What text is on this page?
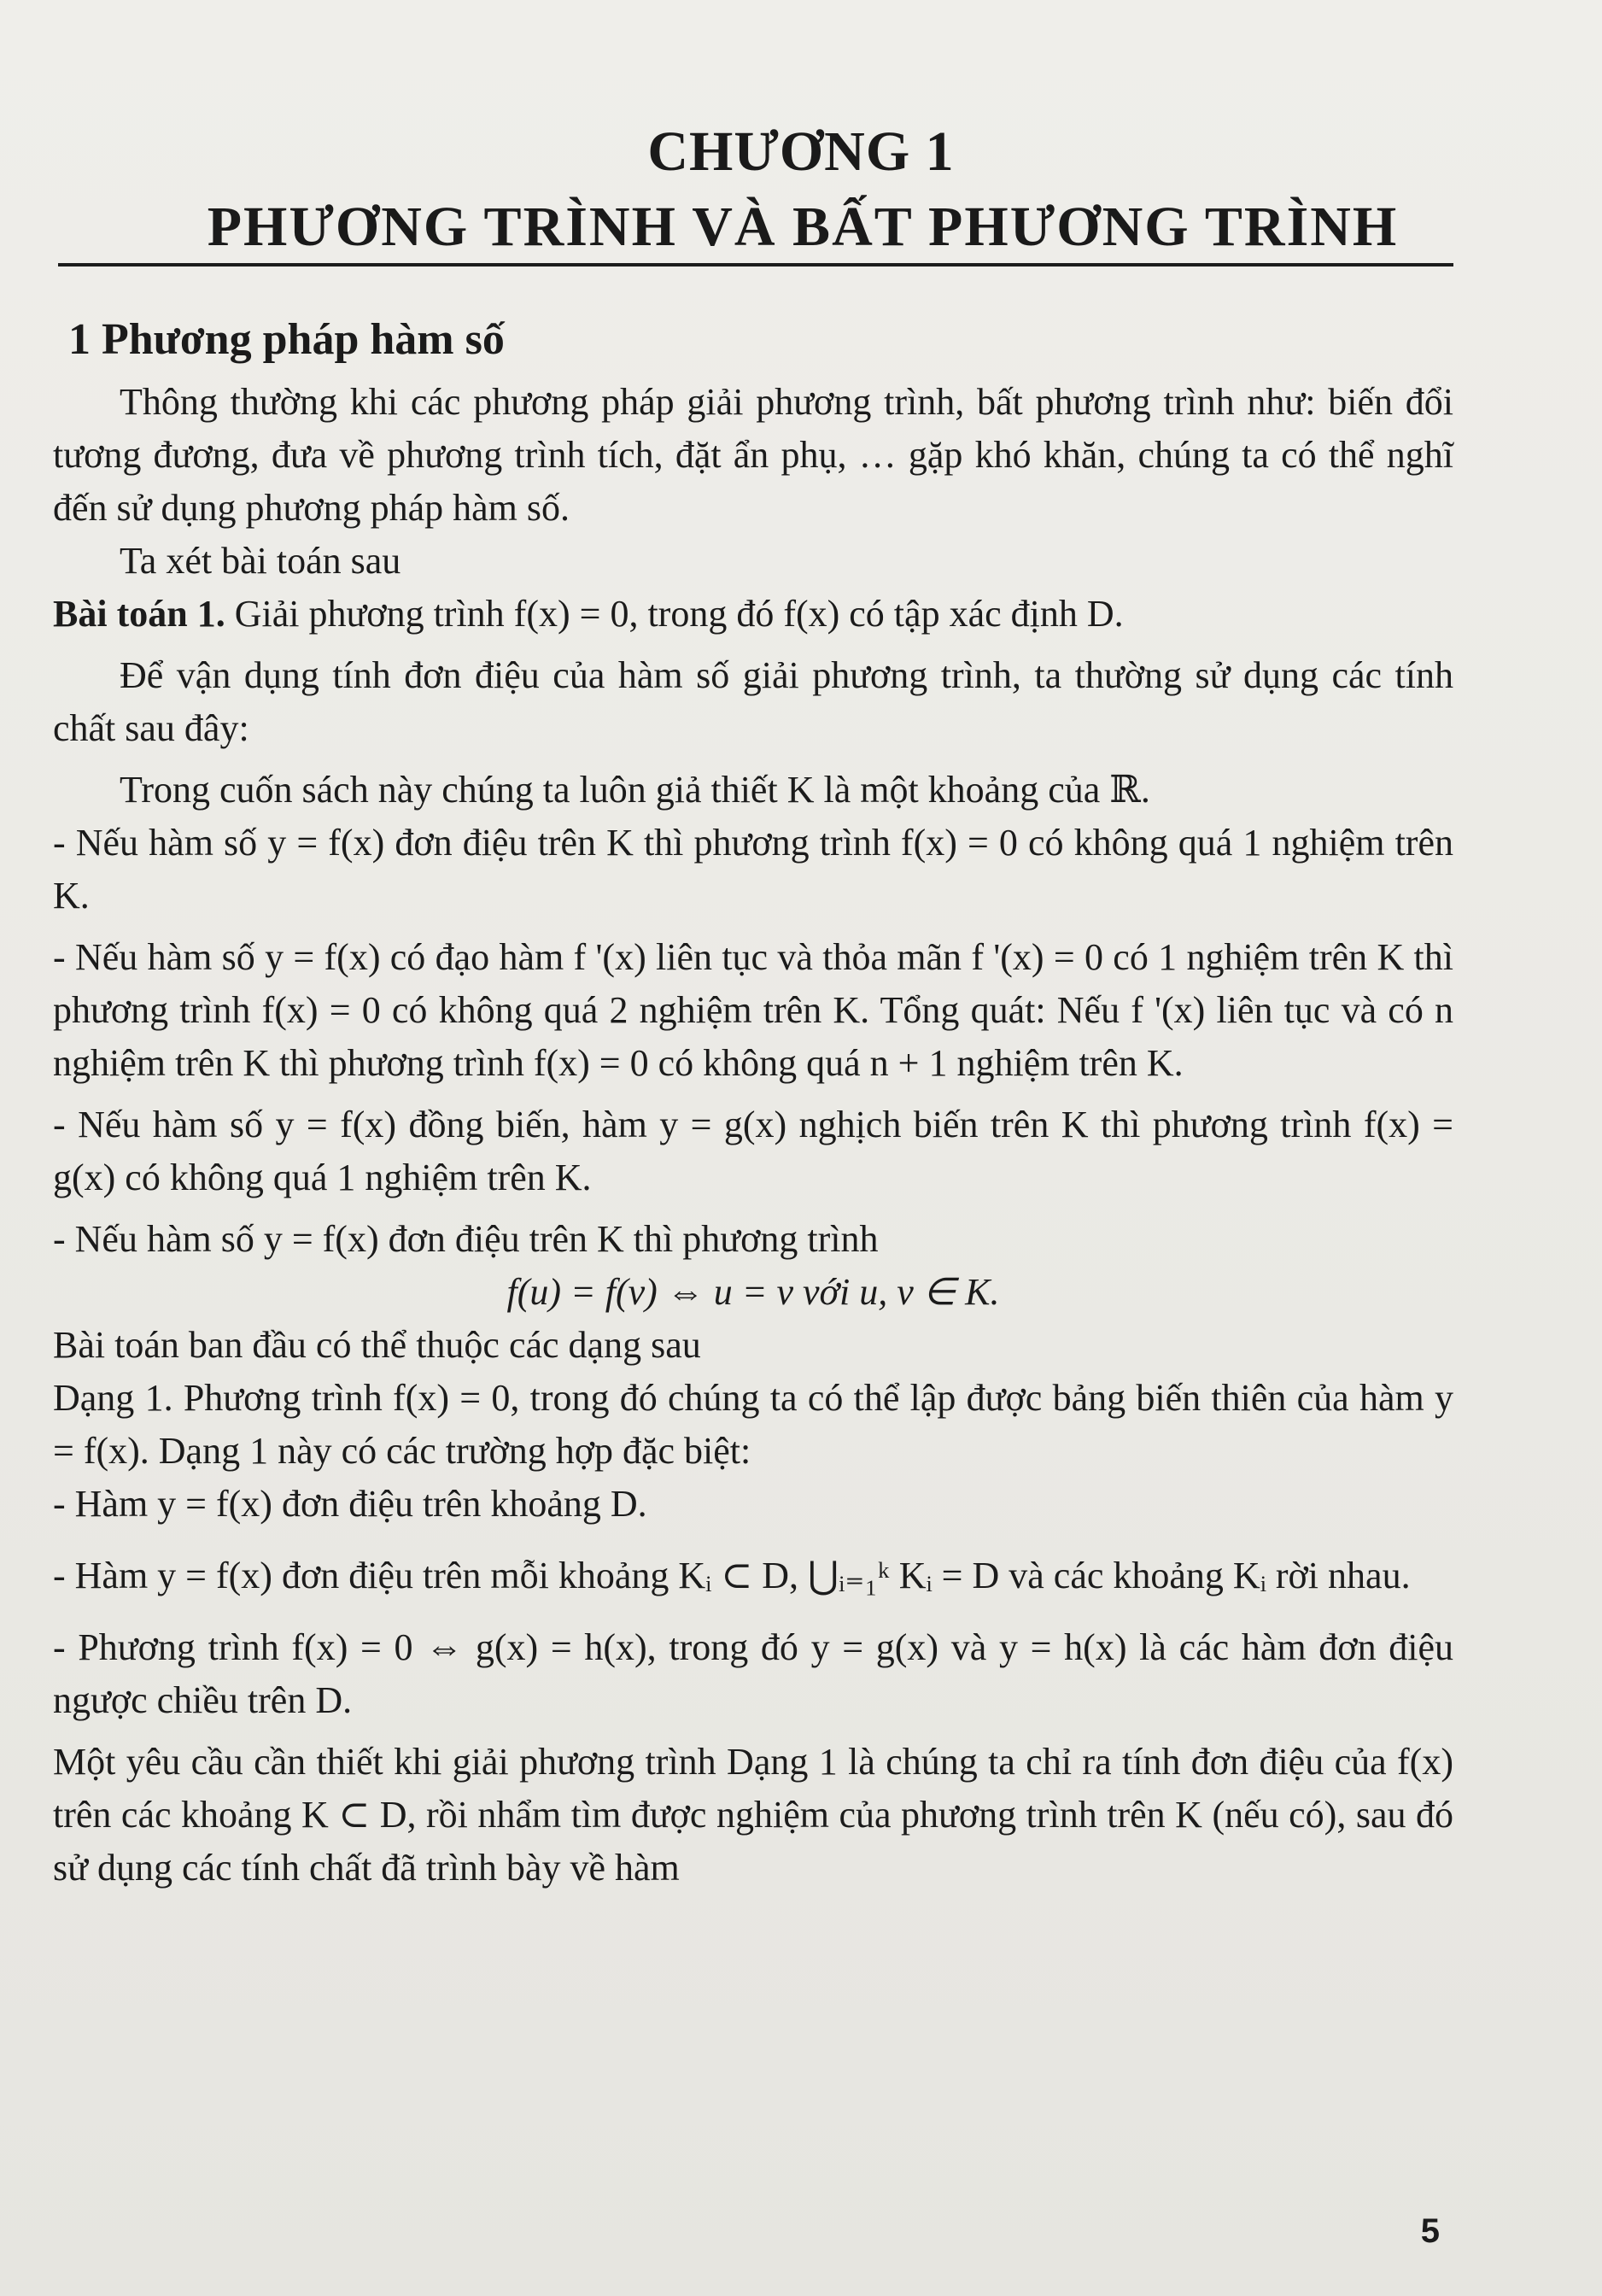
CHƯƠNG 1
PHƯƠNG TRÌNH VÀ BẤT PHƯƠNG TRÌNH
1 Phương pháp hàm số

Thông thường khi các phương pháp giải phương trình, bất phương trình như: biến đổi tương đương, đưa về phương trình tích, đặt ẩn phụ, … gặp khó khăn, chúng ta có thể nghĩ đến sử dụng phương pháp hàm số.

Ta xét bài toán sau

Bài toán 1. Giải phương trình f(x) = 0, trong đó f(x) có tập xác định D.

Để vận dụng tính đơn điệu của hàm số giải phương trình, ta thường sử dụng các tính chất sau đây:

Trong cuốn sách này chúng ta luôn giả thiết K là một khoảng của ℝ.

- Nếu hàm số y = f(x) đơn điệu trên K thì phương trình f(x) = 0 có không quá 1 nghiệm trên K.

- Nếu hàm số y = f(x) có đạo hàm f '(x) liên tục và thỏa mãn f '(x) = 0 có 1 nghiệm trên K thì phương trình f(x) = 0 có không quá 2 nghiệm trên K. Tổng quát: Nếu f '(x) liên tục và có n nghiệm trên K thì phương trình f(x) = 0 có không quá n + 1 nghiệm trên K.

- Nếu hàm số y = f(x) đồng biến, hàm y = g(x) nghịch biến trên K thì phương trình f(x) = g(x) có không quá 1 nghiệm trên K.

- Nếu hàm số y = f(x) đơn điệu trên K thì phương trình

f(u) = f(v) ⇔ u = v với u, v ∈ K.

Bài toán ban đầu có thể thuộc các dạng sau

Dạng 1. Phương trình f(x) = 0, trong đó chúng ta có thể lập được bảng biến thiên của hàm y = f(x). Dạng 1 này có các trường hợp đặc biệt:

- Hàm y = f(x) đơn điệu trên khoảng D.

- Hàm y = f(x) đơn điệu trên mỗi khoảng Kᵢ ⊂ D, ⋃ᵢ₌₁ᵏ Kᵢ = D và các khoảng Kᵢ rời nhau.

- Phương trình f(x) = 0 ⇔ g(x) = h(x), trong đó y = g(x) và y = h(x) là các hàm đơn điệu ngược chiều trên D.

Một yêu cầu cần thiết khi giải phương trình Dạng 1 là chúng ta chỉ ra tính đơn điệu của f(x) trên các khoảng K ⊂ D, rồi nhẩm tìm được nghiệm của phương trình trên K (nếu có), sau đó sử dụng các tính chất đã trình bày về hàm

5
